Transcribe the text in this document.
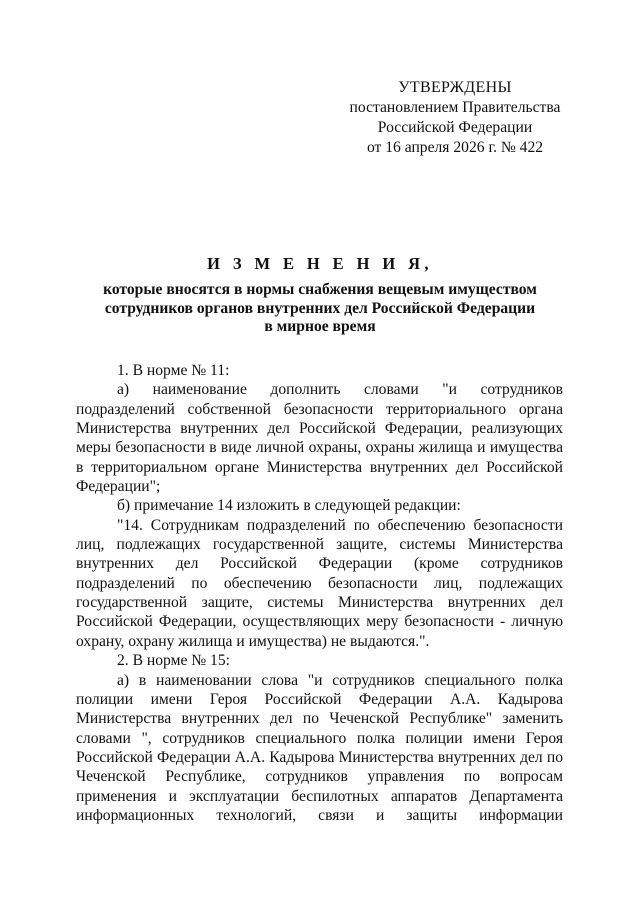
УТВЕРЖДЕНЫ
постановлением Правительства
Российской Федерации
от 16 апреля 2026 г. № 422
И З М Е Н Е Н И Я,
которые вносятся в нормы снабжения вещевым имуществом
сотрудников органов внутренних дел Российской Федерации
в мирное время

1. В норме № 11:

а) наименование дополнить словами "и сотрудников подразделений собственной безопасности территориального органа Министерства внутренних дел Российской Федерации, реализующих меры безопасности в виде личной охраны, охраны жилища и имущества в территориальном органе Министерства внутренних дел Российской Федерации";

б) примечание 14 изложить в следующей редакции:

"14. Сотрудникам подразделений по обеспечению безопасности лиц, подлежащих государственной защите, системы Министерства внутренних дел Российской Федерации (кроме сотрудников подразделений по обеспечению безопасности лиц, подлежащих государственной защите, системы Министерства внутренних дел Российской Федерации, осуществляющих меру безопасности - личную охрану, охрану жилища и имущества) не выдаются.".

2. В норме № 15:

а) в наименовании слова "и сотрудников специального полка полиции имени Героя Российской Федерации А.А. Кадырова Министерства внутренних дел по Чеченской Республике" заменить словами ", сотрудников специального полка полиции имени Героя Российской Федерации А.А. Кадырова Министерства внутренних дел по Чеченской Республике, сотрудников управления по вопросам применения и эксплуатации беспилотных аппаратов Департамента информационных технологий, связи и защиты информации
